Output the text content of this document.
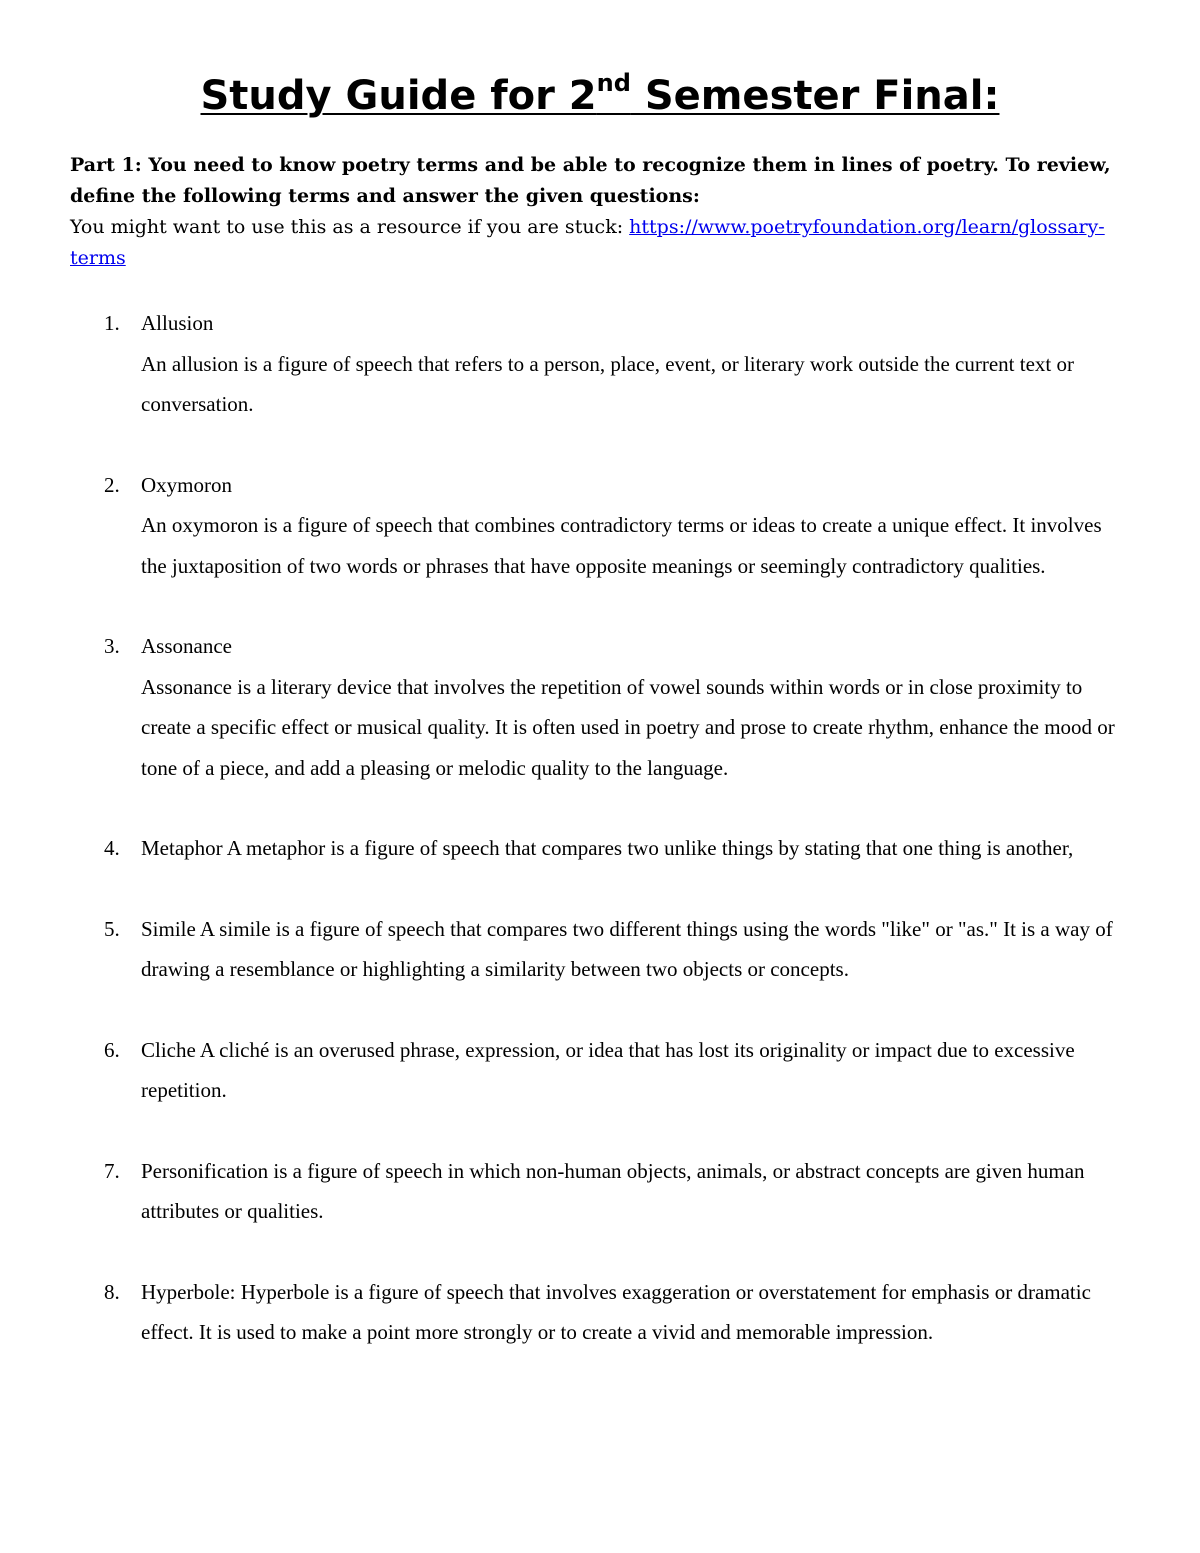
Study Guide for 2nd Semester Final:
Part 1: You need to know poetry terms and be able to recognize them in lines of poetry. To review, define the following terms and answer the given questions:
You might want to use this as a resource if you are stuck: https://www.poetryfoundation.org/learn/glossary-terms
1. Allusion
An allusion is a figure of speech that refers to a person, place, event, or literary work outside the current text or conversation.
2. Oxymoron
An oxymoron is a figure of speech that combines contradictory terms or ideas to create a unique effect. It involves the juxtaposition of two words or phrases that have opposite meanings or seemingly contradictory qualities.
3. Assonance
Assonance is a literary device that involves the repetition of vowel sounds within words or in close proximity to create a specific effect or musical quality. It is often used in poetry and prose to create rhythm, enhance the mood or tone of a piece, and add a pleasing or melodic quality to the language.
4. Metaphor A metaphor is a figure of speech that compares two unlike things by stating that one thing is another,
5. Simile A simile is a figure of speech that compares two different things using the words "like" or "as." It is a way of drawing a resemblance or highlighting a similarity between two objects or concepts.
6. Cliche A cliché is an overused phrase, expression, or idea that has lost its originality or impact due to excessive repetition.
7. Personification is a figure of speech in which non-human objects, animals, or abstract concepts are given human attributes or qualities.
8. Hyperbole: Hyperbole is a figure of speech that involves exaggeration or overstatement for emphasis or dramatic effect. It is used to make a point more strongly or to create a vivid and memorable impression.
